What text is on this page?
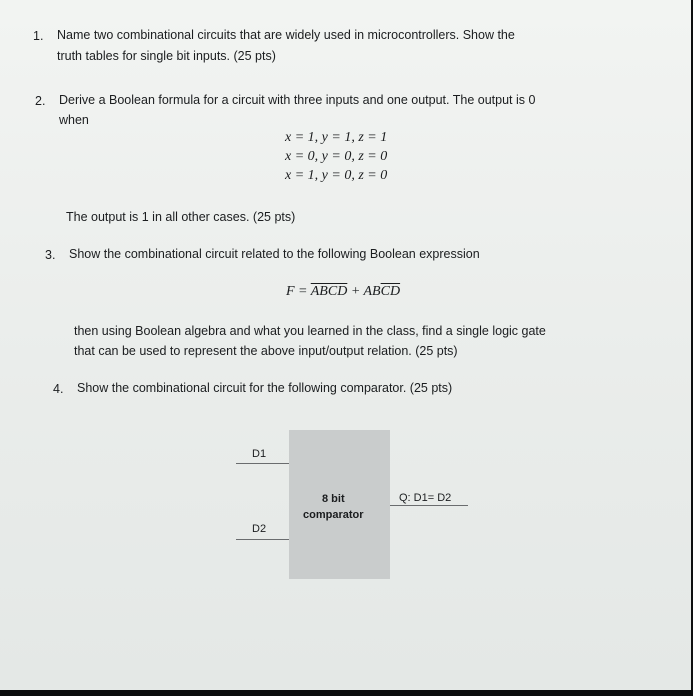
1. Name two combinational circuits that are widely used in microcontrollers. Show the
truth tables for single bit inputs. (25 pts)
2. Derive a Boolean formula for a circuit with three inputs and one output. The output is 0
when
x = 1, y = 1, z = 1
x = 0, y = 0, z = 0
x = 1, y = 0, z = 0
The output is 1 in all other cases. (25 pts)
3. Show the combinational circuit related to the following Boolean expression
F = ABCD + $AB\overline{CD}$
then using Boolean algebra and what you learned in the class, find a single logic gate
that can be used to represent the above input/output relation. (25 pts)
4. Show the combinational circuit for the following comparator. (25 pts)
D1
D2
8 bit
comparator
Q: D1= D2
